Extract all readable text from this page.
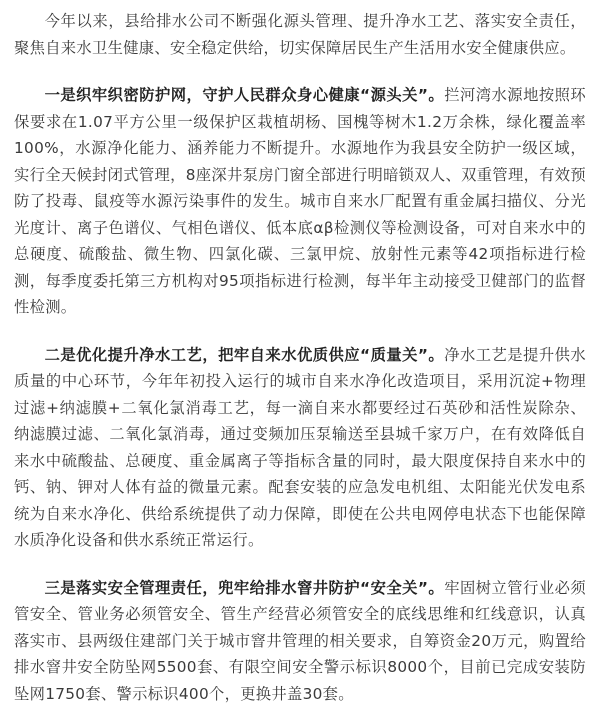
今年以来，县给排水公司不断强化源头管理、提升净水工艺、落实安全责任，聚焦自来水卫生健康、安全稳定供给，切实保障居民生产生活用水安全健康供应。

一是织牢织密防护网，守护人民群众身心健康“源头关”。拦河湾水源地按照环保要求在1.07平方公里一级保护区栽植胡杨、国槐等树木1.2万余株，绿化覆盖率100%，水源净化能力、涵养能力不断提升。水源地作为我县安全防护一级区域，实行全天候封闭式管理，8座深井泵房门窗全部进行明暗锁双人、双重管理，有效预防了投毒、鼠疫等水源污染事件的发生。城市自来水厂配置有重金属扫描仪、分光光度计、离子色谱仪、气相色谱仪、低本底αβ检测仪等检测设备，可对自来水中的总硬度、硫酸盐、微生物、四氯化碳、三氯甲烷、放射性元素等42项指标进行检测，每季度委托第三方机构对95项指标进行检测，每半年主动接受卫健部门的监督性检测。

二是优化提升净水工艺，把牢自来水优质供应“质量关”。净水工艺是提升供水质量的中心环节，今年年初投入运行的城市自来水净化改造项目，采用沉淀+物理过滤+纳滤膜+二氧化氯消毒工艺，每一滴自来水都要经过石英砂和活性炭除杂、纳滤膜过滤、二氧化氯消毒，通过变频加压泵输送至县城千家万户，在有效降低自来水中硫酸盐、总硬度、重金属离子等指标含量的同时，最大限度保持自来水中的钙、钠、钾对人体有益的微量元素。配套安装的应急发电机组、太阳能光伏发电系统为自来水净化、供给系统提供了动力保障，即使在公共电网停电状态下也能保障水质净化设备和供水系统正常运行。

三是落实安全管理责任，兜牢给排水窨井防护“安全关”。牢固树立管行业必须管安全、管业务必须管安全、管生产经营必须管安全的底线思维和红线意识，认真落实市、县两级住建部门关于城市窨井管理的相关要求，自筹资金20万元，购置给排水窨井安全防坠网5500套、有限空间安全警示标识8000个，目前已完成安装防坠网1750套、警示标识400个，更换井盖30套。
